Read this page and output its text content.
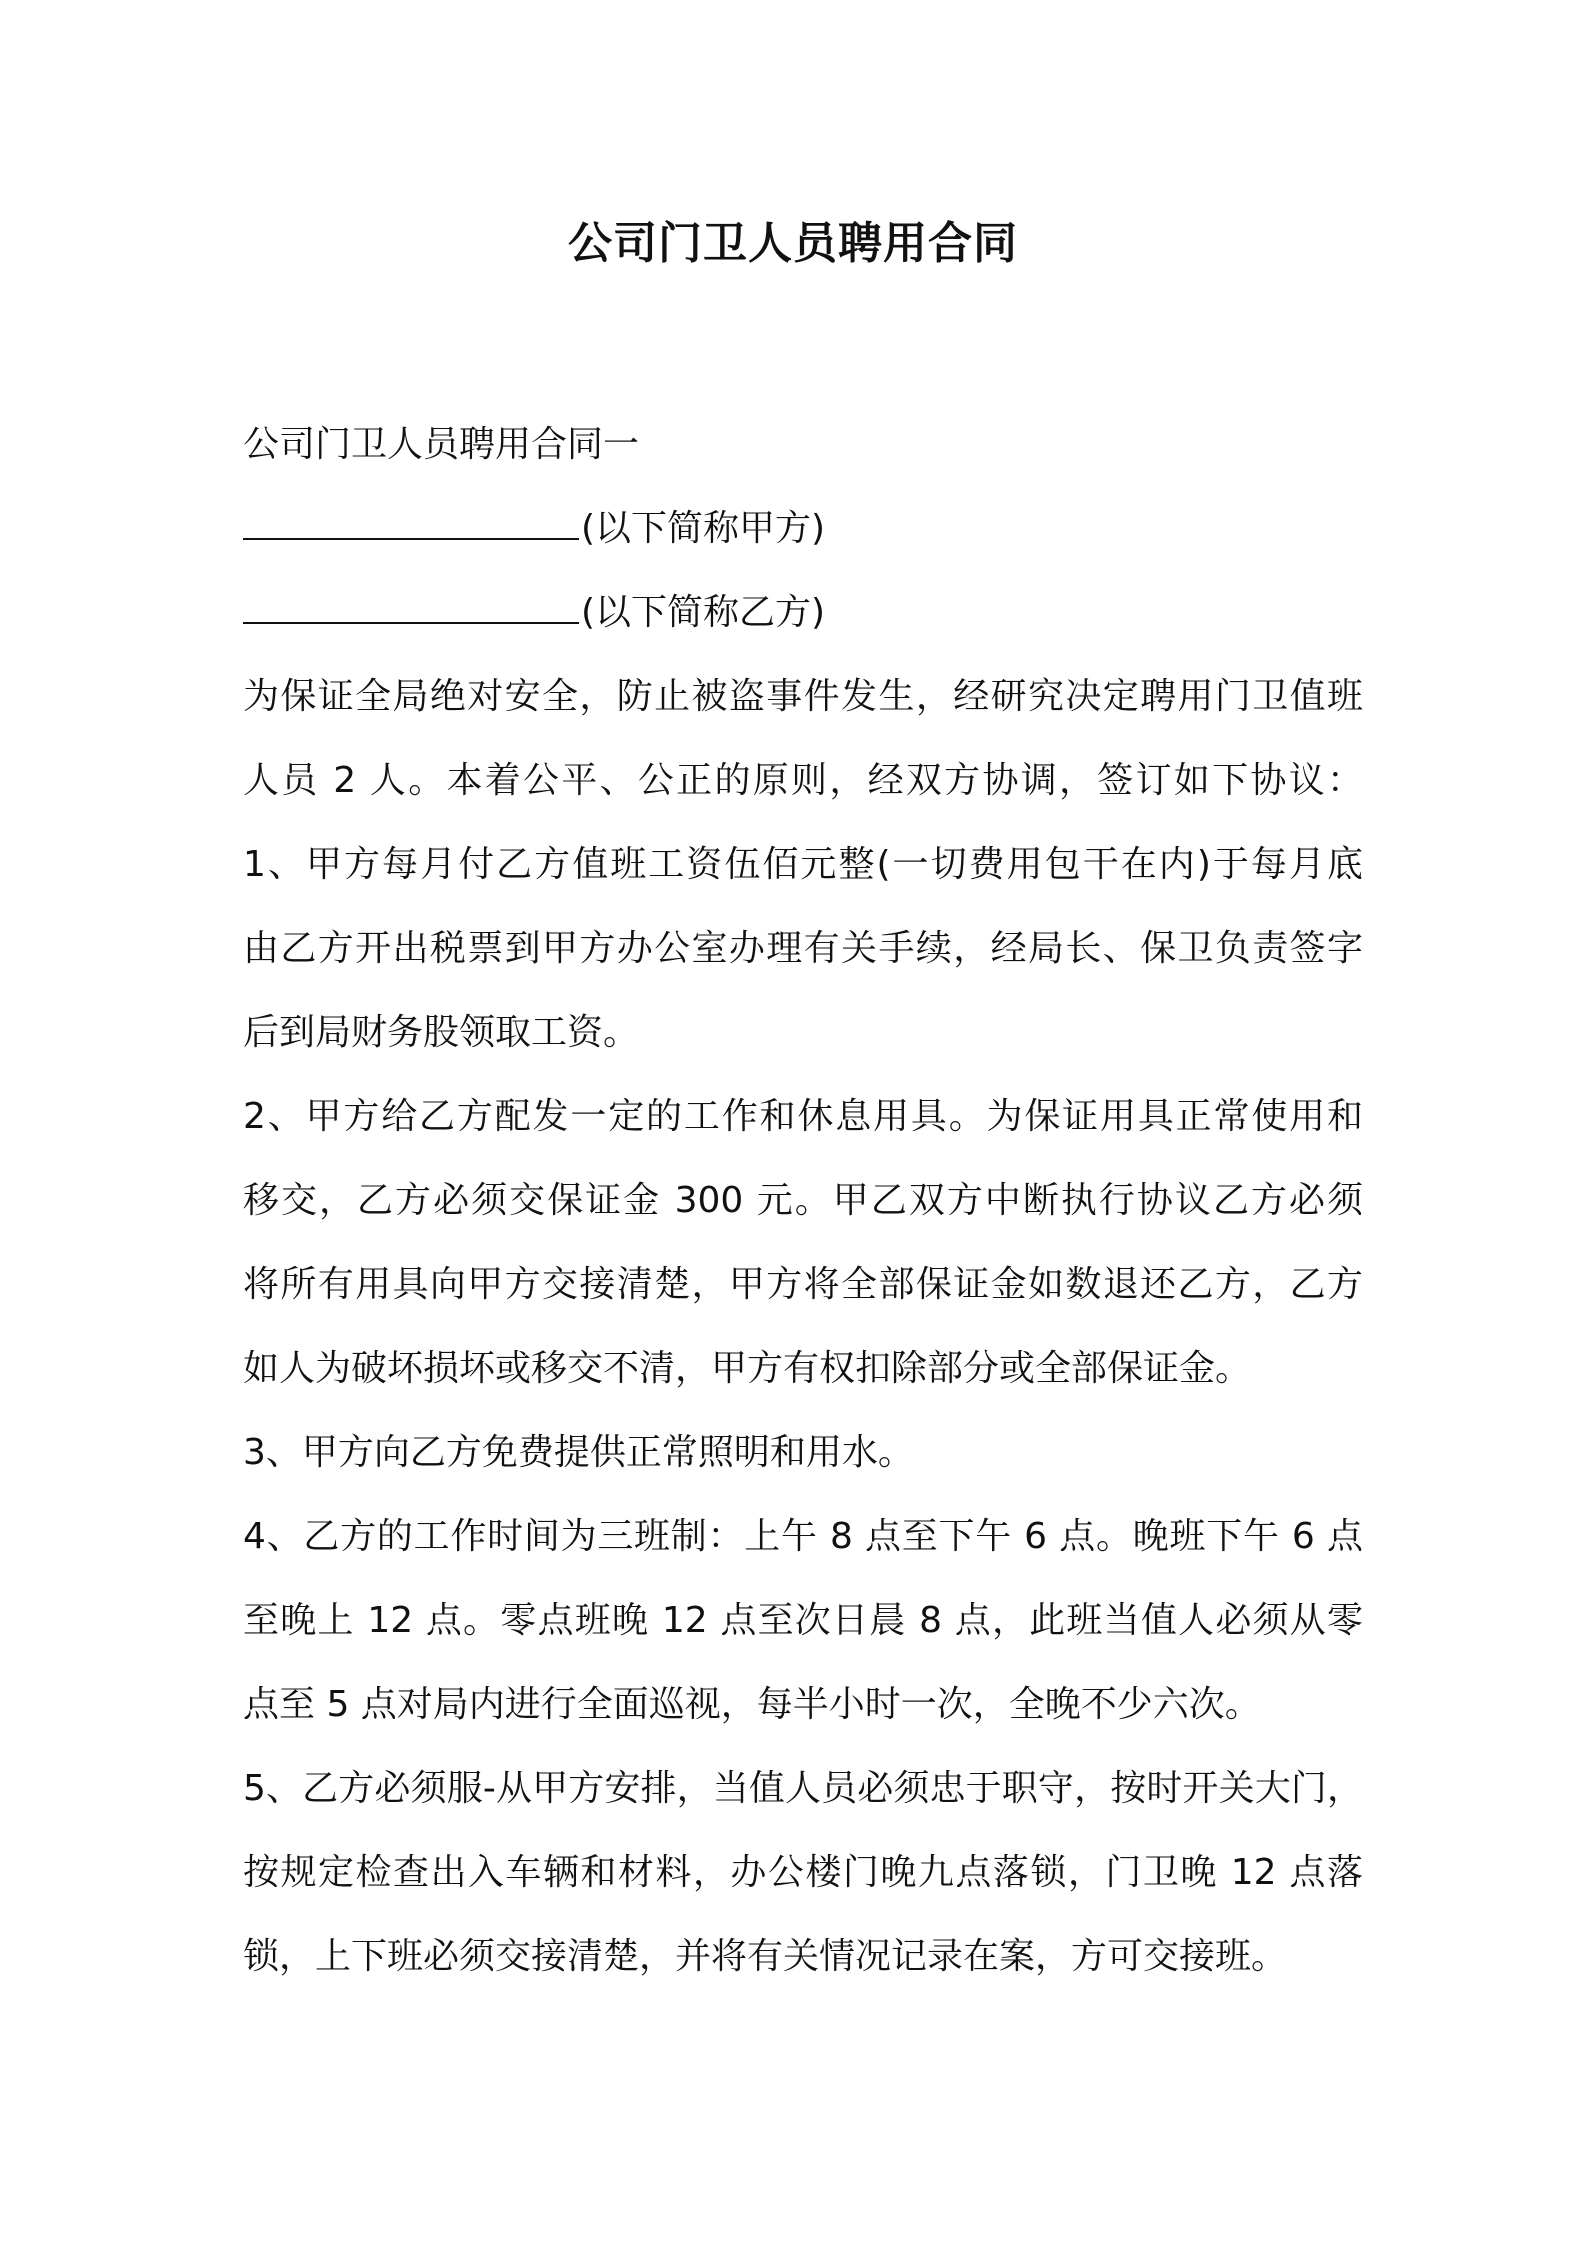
公司门卫人员聘用合同
公司门卫人员聘用合同一
(以下简称甲方)
(以下简称乙方)
为保证全局绝对安全，防止被盗事件发生，经研究决定聘用门卫值班
人员 2 人。本着公平、公正的原则，经双方协调，签订如下协议：
1、甲方每月付乙方值班工资伍佰元整(一切费用包干在内)于每月底
由乙方开出税票到甲方办公室办理有关手续，经局长、保卫负责签字
后到局财务股领取工资。
2、甲方给乙方配发一定的工作和休息用具。为保证用具正常使用和
移交，乙方必须交保证金 300 元。甲乙双方中断执行协议乙方必须
将所有用具向甲方交接清楚，甲方将全部保证金如数退还乙方，乙方
如人为破坏损坏或移交不清，甲方有权扣除部分或全部保证金。
3、甲方向乙方免费提供正常照明和用水。
4、乙方的工作时间为三班制：上午 8 点至下午 6 点。晚班下午 6 点
至晚上 12 点。零点班晚 12 点至次日晨 8 点，此班当值人必须从零
点至 5 点对局内进行全面巡视，每半小时一次，全晚不少六次。
5、乙方必须服-从甲方安排，当值人员必须忠于职守，按时开关大门，
按规定检查出入车辆和材料，办公楼门晚九点落锁，门卫晚 12 点落
锁，上下班必须交接清楚，并将有关情况记录在案，方可交接班。
